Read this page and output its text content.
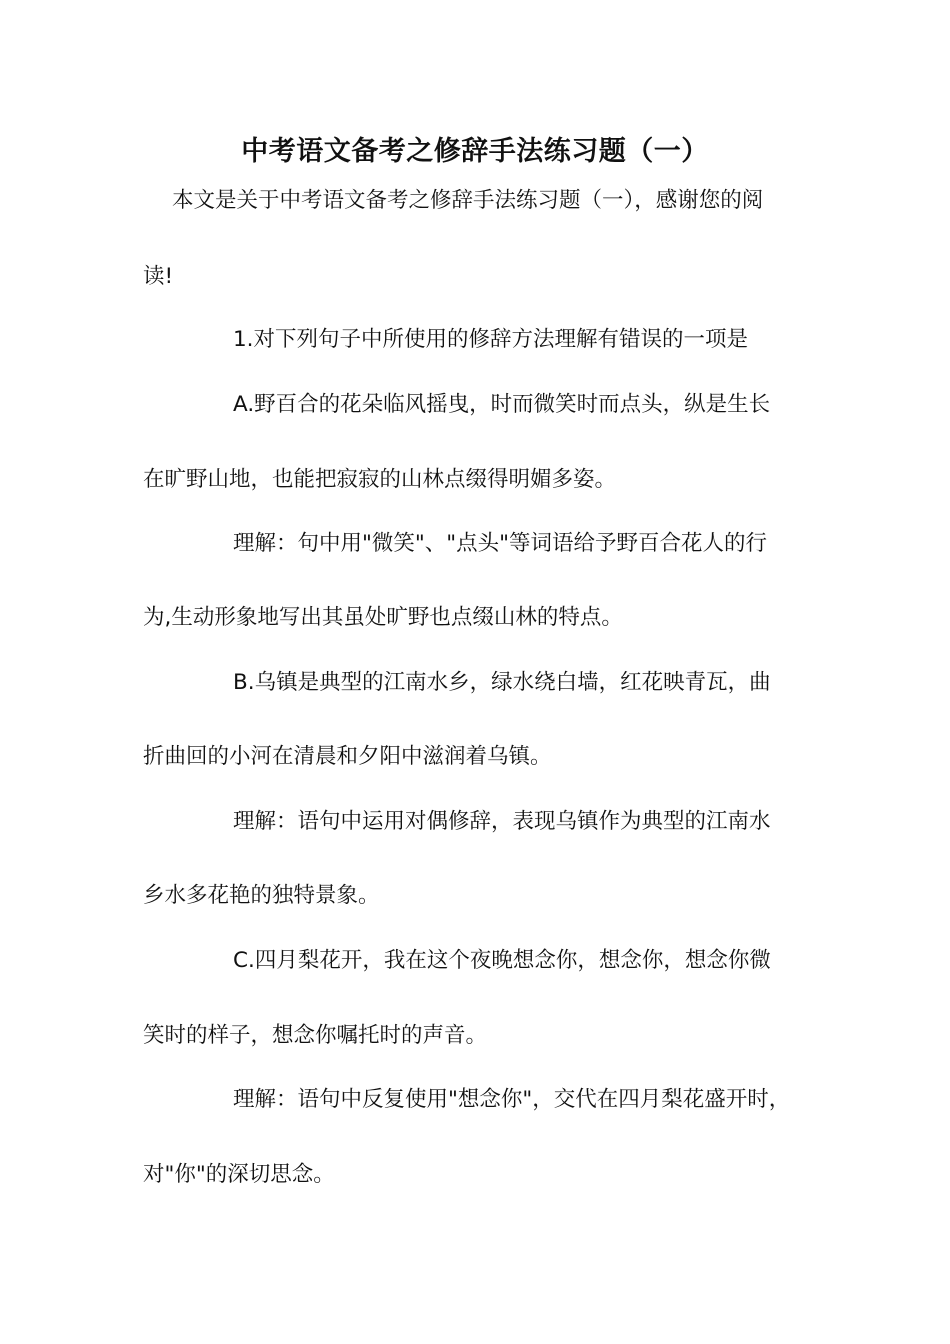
中考语文备考之修辞手法练习题（一）

本文是关于中考语文备考之修辞手法练习题（一），感谢您的阅

读!

1.对下列句子中所使用的修辞方法理解有错误的一项是

A.野百合的花朵临风摇曳，时而微笑时而点头，纵是生长

在旷野山地，也能把寂寂的山林点缀得明媚多姿。

理解：句中用"微笑"、"点头"等词语给予野百合花人的行

为,生动形象地写出其虽处旷野也点缀山林的特点。

B.乌镇是典型的江南水乡，绿水绕白墙，红花映青瓦，曲

折曲回的小河在清晨和夕阳中滋润着乌镇。

理解：语句中运用对偶修辞，表现乌镇作为典型的江南水

乡水多花艳的独特景象。

C.四月梨花开，我在这个夜晚想念你，想念你，想念你微

笑时的样子，想念你嘱托时的声音。

理解：语句中反复使用"想念你"，交代在四月梨花盛开时，

对"你"的深切思念。
